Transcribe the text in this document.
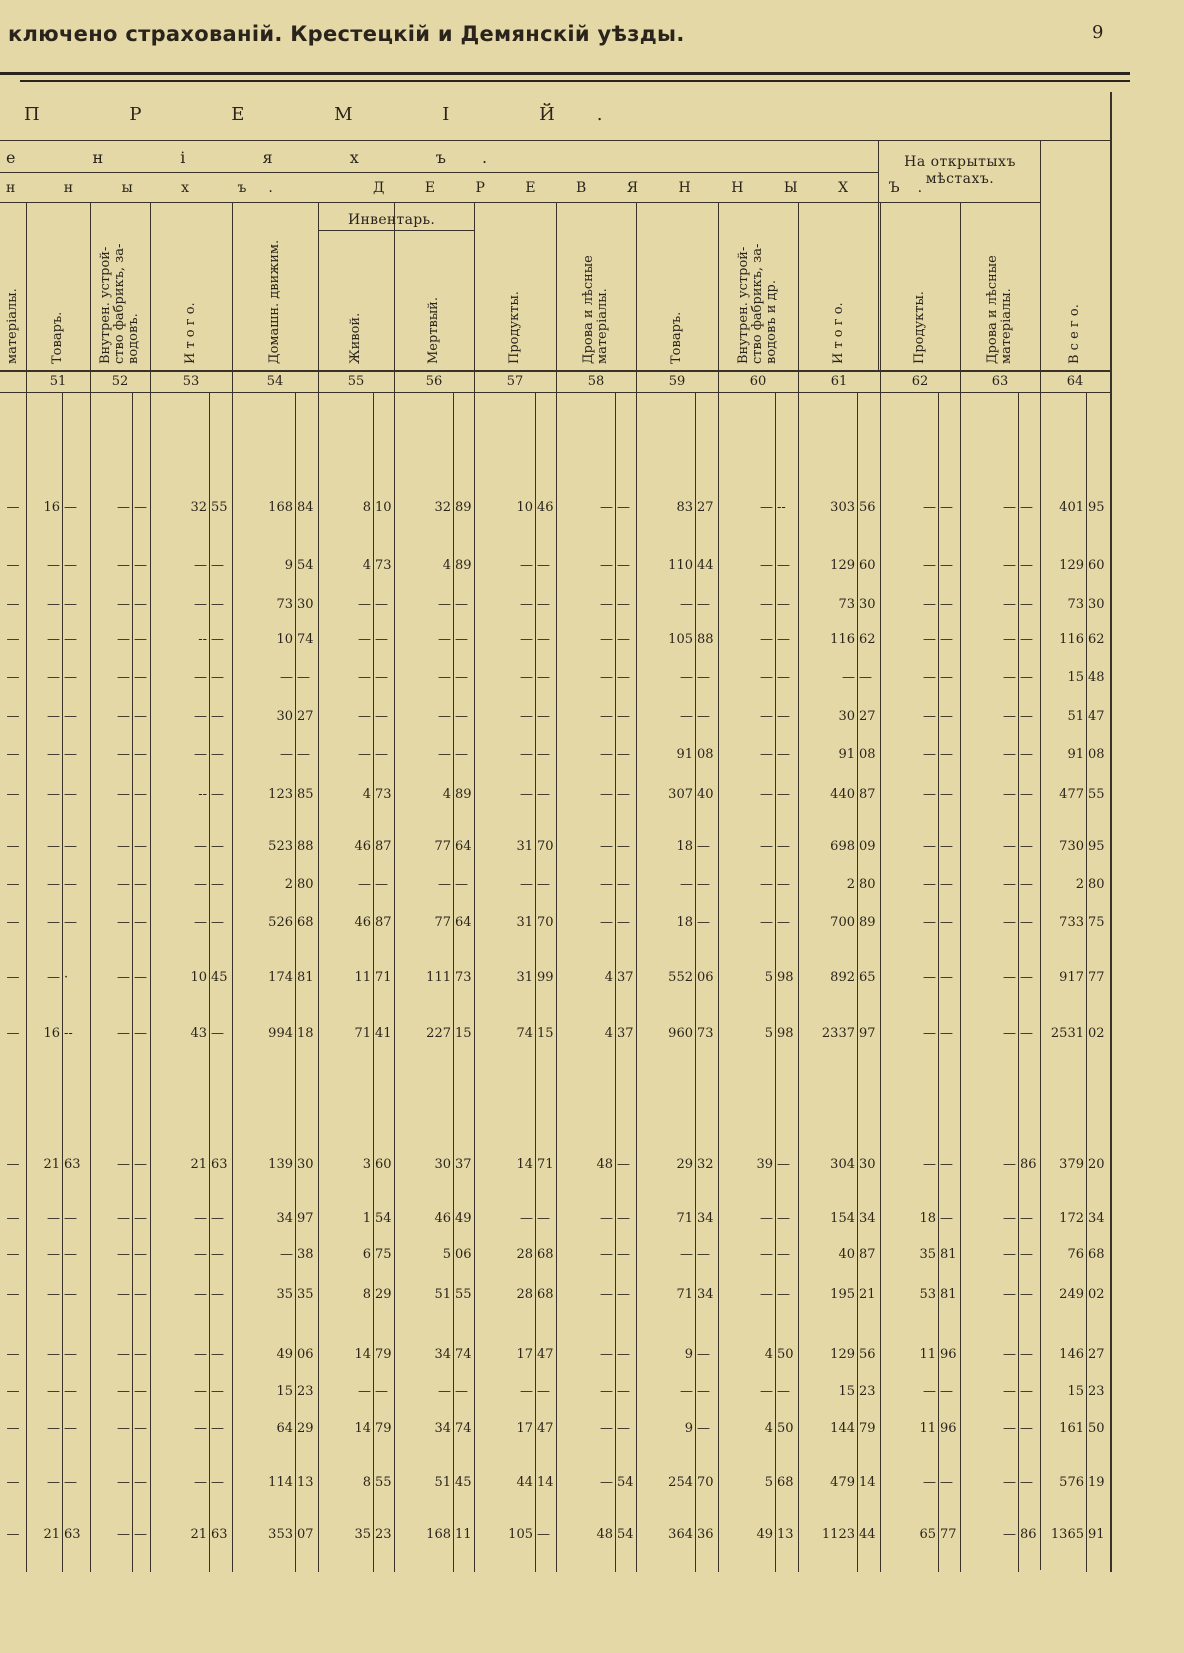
ключено страхованій. Крестецкій и Демянскій уѣзды.	9
П Р Е М І Й.
е н і я х ъ.
н н ы х ъ.	Д Е Р Е В Я Н Н Ы Х Ъ.
На открытыхъ мѣстахъ.
Инвентарь.
матеріалы. Товаръ.	Внутрен. устрой-
ство фабрикъ, за-
водовъ.	И т о г о.	Домашн. движим.	Живой.	Мертвый.	Продукты.	Дрова и лѣсные
матеріалы.	Товаръ.	Внутрен. устрой-
ство фабрикъ, за-
водовъ и др.
И т о г о.	Продукты.	Дрова и лѣсные
матеріалы.	В с е г о.
51	52	53	54	55	56	57	58	59	60	61	62	63	64
—	16 —	— —	32 55	168 84	8 10	32 89	10 46	— —	83 27	— --	303 56	— —	— —	401 95
—	— —	— —	— —	9 54	4 73	4 89	— —	— —	110 44	— —	129 60	— —	— —	129 60
—	— —	— —	— —	73 30	— —	— —	— —	— —	— —	— —	73 30	— —	— —	73 30
—	— —	— —	-- —	10 74	— —	— —	— —	— —	105 88	— —	116 62	— —	— —	116 62
—	— —	— —	— —	— —	— —	— —	— —	— —	— —	— —	— —	— —	— —	15 48
—	— —	— —	— —	30 27	— —	— —	— —	— —	— —	— —	30 27	— —	— —	51 47
—	— —	— —	— —	— —	— —	— —	— —	— —	91 08	— —	91 08	— —	— —	91 08
—	— —	— —	-- —	123 85	4 73	4 89	— —	— —	307 40	— —	440 87	— —	— —	477 55
—	— —	— —	— —	523 88	46 87	77 64	31 70	— —	18 —	— —	698 09	— —	— —	730 95
—	— —	— —	— —	2 80	— —	— —	— —	— —	— —	— —	2 80	— —	— —	2 80
—	— —	— —	— —	526 68	46 87	77 64	31 70	— —	18 —	— —	700 89	— —	— —	733 75
—	— ·	— —	10 45	174 81	11 71	111 73	31 99	4 37	552 06	5 98	892 65	— —	— —	917 77
—	16 --	— —	43 —	994 18	71 41	227 15	74 15	4 37	960 73	5 98	2337 97	— —	— —	2531 02
—	21 63	— —	21 63	139 30	3 60	30 37	14 71	48 —	29 32	39 —	304 30	— —	— 86	379 20
—	— —	— —	— —	34 97	1 54	46 49	— —	— —	71 34	— —	154 34	18 —	— —	172 34
—	— —	— —	— —	— 38	6 75	5 06	28 68	— —	— —	— —	40 87	35 81	— —	76 68
—	— —	— —	— —	35 35	8 29	51 55	28 68	— —	71 34	— —	195 21	53 81	— —	249 02
—	— —	— —	— —	49 06	14 79	34 74	17 47	— —	9 —	4 50	129 56	11 96	— —	146 27
—	— —	— —	— —	15 23	— —	— —	— —	— —	— —	— —	15 23	— —	— —	15 23
—	— —	— —	— —	64 29	14 79	34 74	17 47	— —	9 —	4 50	144 79	11 96	— —	161 50
—	— —	— —	— —	114 13	8 55	51 45	44 14	— 54	254 70	5 68	479 14	— —	— —	576 19
—	21 63	— —	21 63	353 07	35 23	168 11	105 —	48 54	364 36	49 13	1123 44	65 77	— 86	1365 91
